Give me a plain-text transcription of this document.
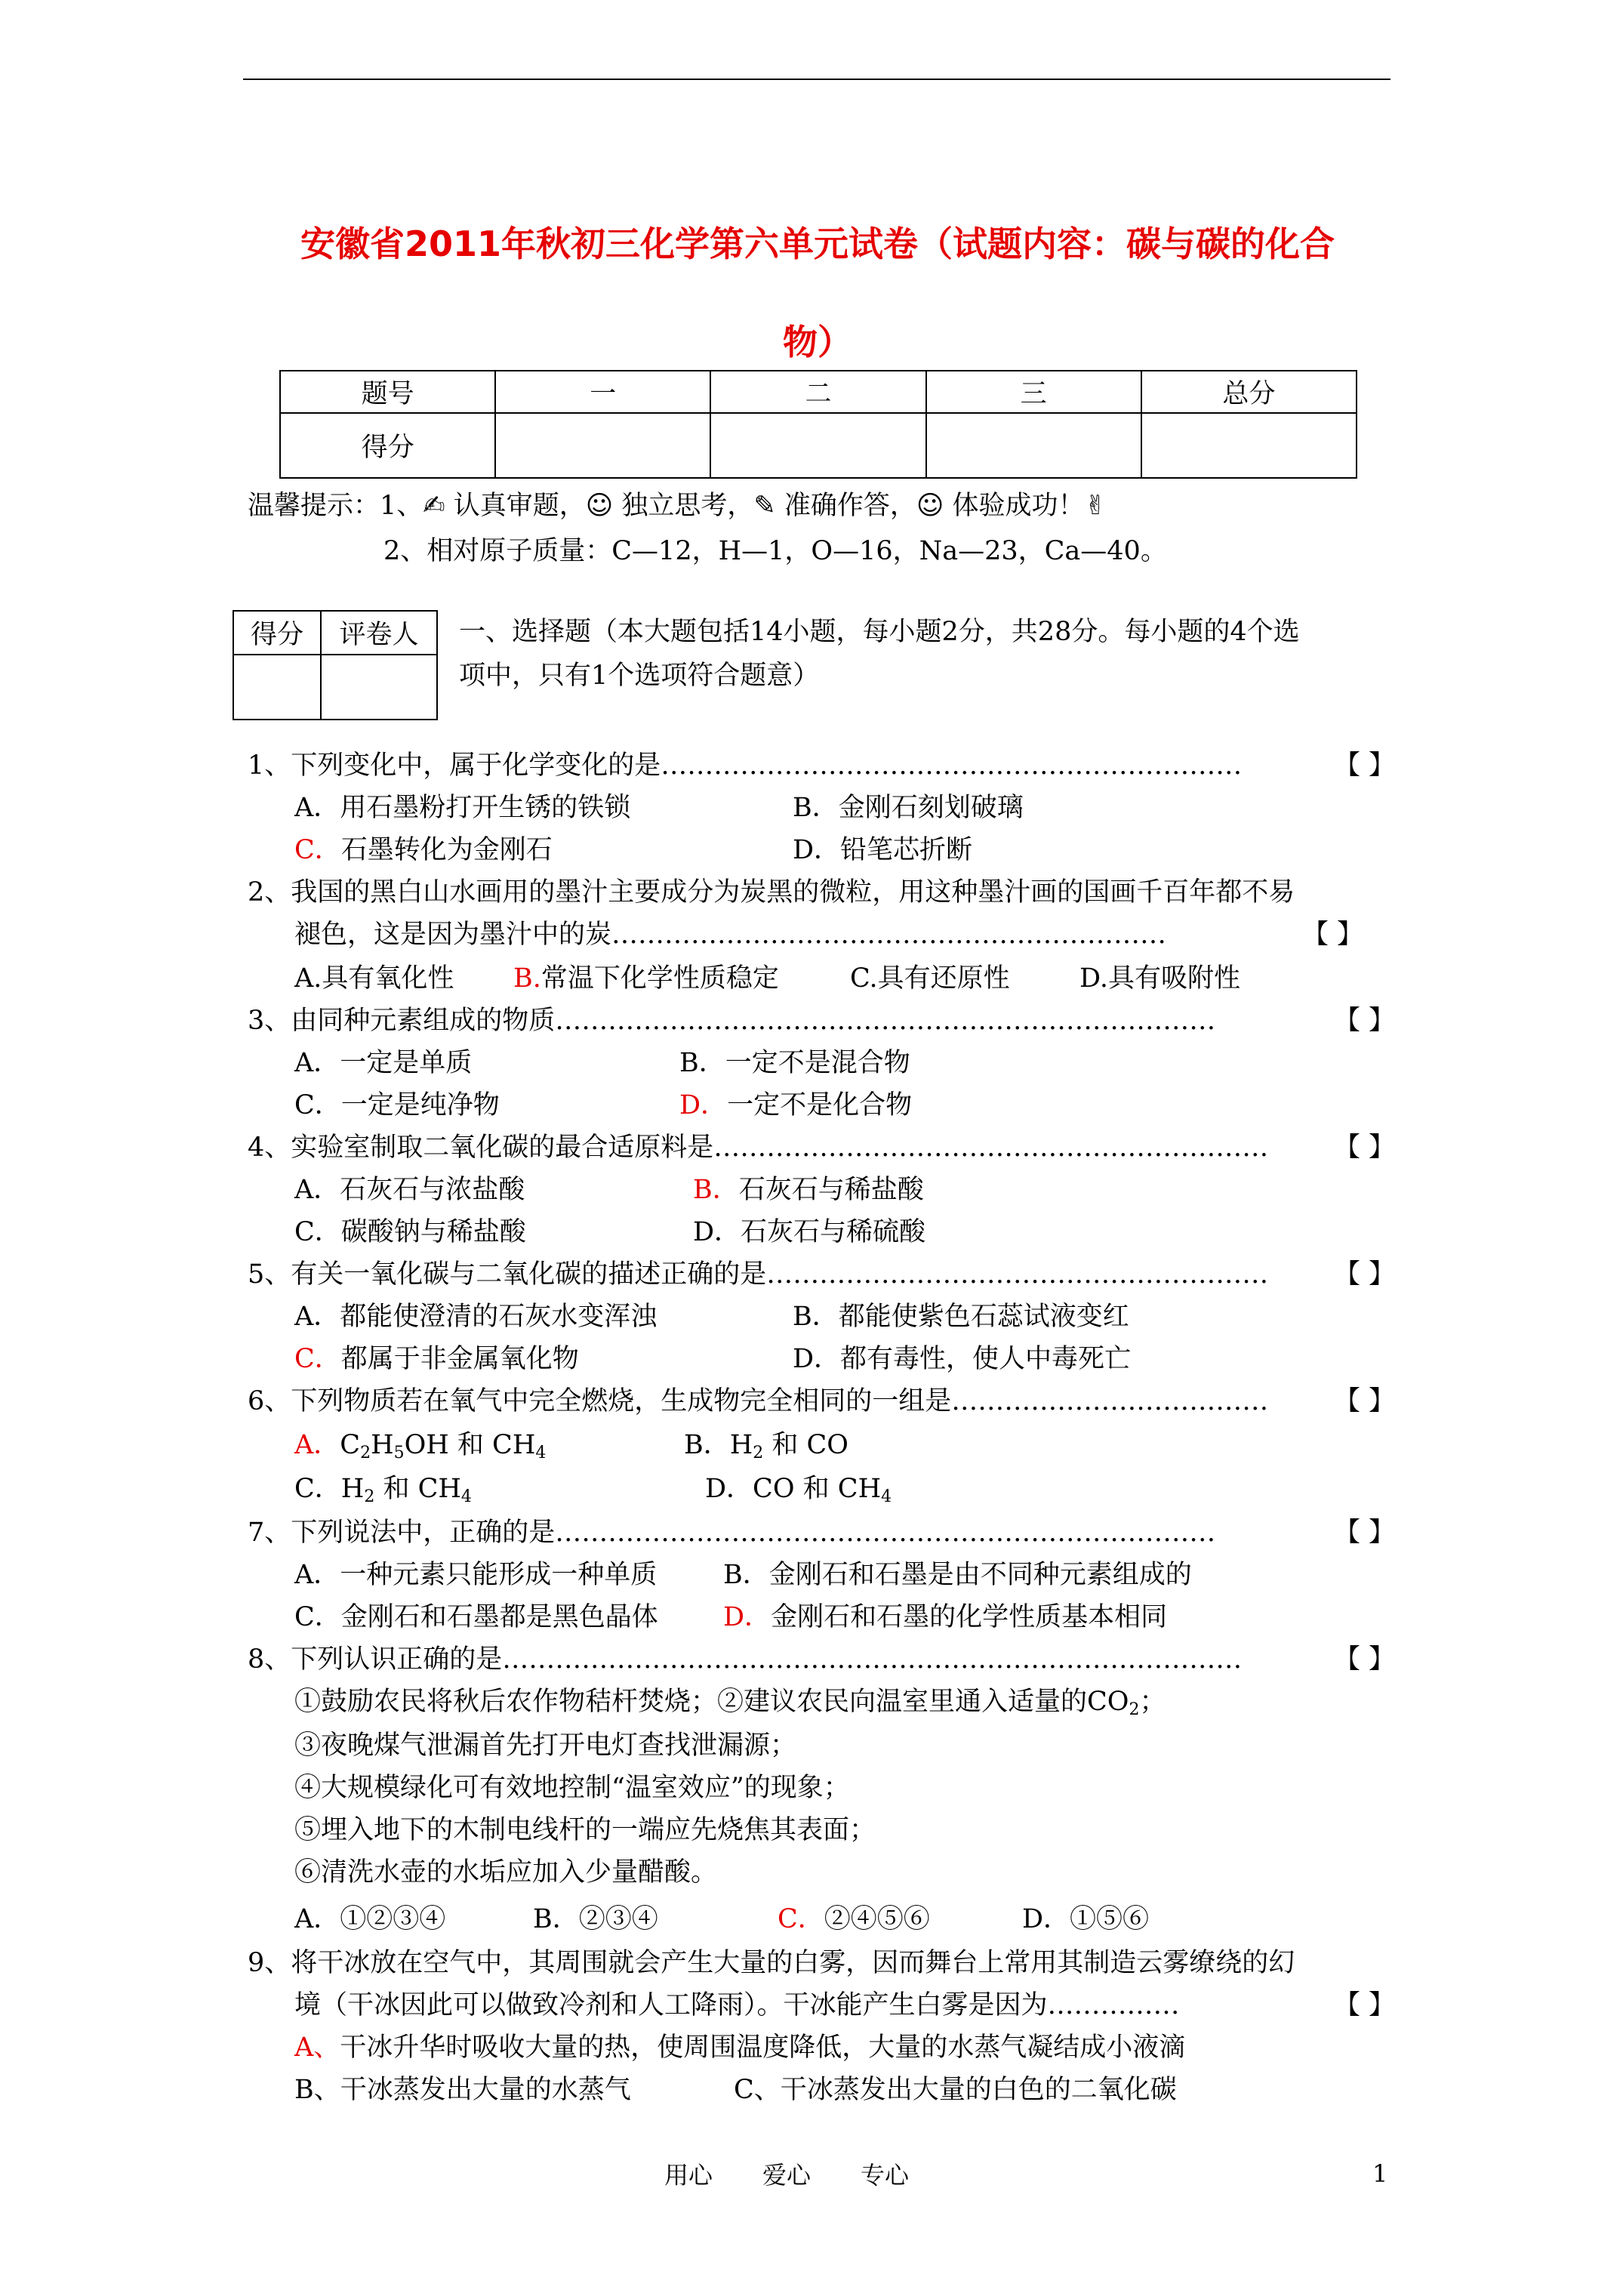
安徽省2011年秋初三化学第六单元试卷（试题内容：碳与碳的化合
物）
题号	一	二	三	总分
得分				
温馨提示：1、✍ 认真审题，☺ 独立思考，✎ 准确作答，☺ 体验成功！✌
2、相对原子质量：C—12，H—1，O—16，Na—23，Ca—40。
得分	评卷人
	一、选择题（本大题包括14小题，每小题2分，共28分。每小题的4个选
项中，只有1个选项符合题意）
1、下列变化中，属于化学变化的是…………………………………………………………	【 】
A．用石墨粉打开生锈的铁锁	B．金刚石刻划破璃
C．石墨转化为金刚石	D．铅笔芯折断
2、我国的黑白山水画用的墨汁主要成分为炭黑的微粒，用这种墨汁画的国画千百年都不易
褪色，这是因为墨汁中的炭………………………………………………………	【 】
A.具有氧化性 B.常温下化学性质稳定	C.具有还原性	D.具有吸附性
3、由同种元素组成的物质…………………………………………………………………	【 】
A．一定是单质	B．一定不是混合物
C．一定是纯净物	D．一定不是化合物
4、实验室制取二氧化碳的最合适原料是……………………………………………………… 【 】
A．石灰石与浓盐酸	B．石灰石与稀盐酸
C．碳酸钠与稀盐酸	D．石灰石与稀硫酸
5、有关一氧化碳与二氧化碳的描述正确的是………………………………………………… 【 】
A．都能使澄清的石灰水变浑浊	B．都能使紫色石蕊试液变红
C．都属于非金属氧化物	D．都有毒性，使人中毒死亡
6、下列物质若在氧气中完全燃烧，生成物完全相同的一组是……………………………… 【 】
A．$C_2H_5OH$ 和 $CH_4$	B．$H_2$ 和 CO
C．$H_2$ 和 $CH_4$	D．CO 和 $CH_4$
7、下列说法中，正确的是…………………………………………………………………	【 】
A．一种元素只能形成一种单质	B．金刚石和石墨是由不同种元素组成的
C．金刚石和石墨都是黑色晶体 D．金刚石和石墨的化学性质基本相同
8、下列认识正确的是…………………………………………………………………………	【 】
①鼓励农民将秋后农作物秸杆焚烧；②建议农民向温室里通入适量的$CO_2$；
③夜晚煤气泄漏首先打开电灯查找泄漏源；
④大规模绿化可有效地控制“温室效应”的现象；
⑤埋入地下的木制电线杆的一端应先烧焦其表面；
⑥清洗水壶的水垢应加入少量醋酸。
A．①②③④	B．②③④	C．②④⑤⑥	D．①⑤⑥
9、将干冰放在空气中，其周围就会产生大量的白雾，因而舞台上常用其制造云雾缭绕的幻
境（干冰因此可以做致冷剂和人工降雨）。干冰能产生白雾是因为……………	【 】
A、干冰升华时吸收大量的热，使周围温度降低，大量的水蒸气凝结成小液滴
B、干冰蒸发出大量的水蒸气	C、干冰蒸发出大量的白色的二氧化碳
用心 爱心 专心	1
